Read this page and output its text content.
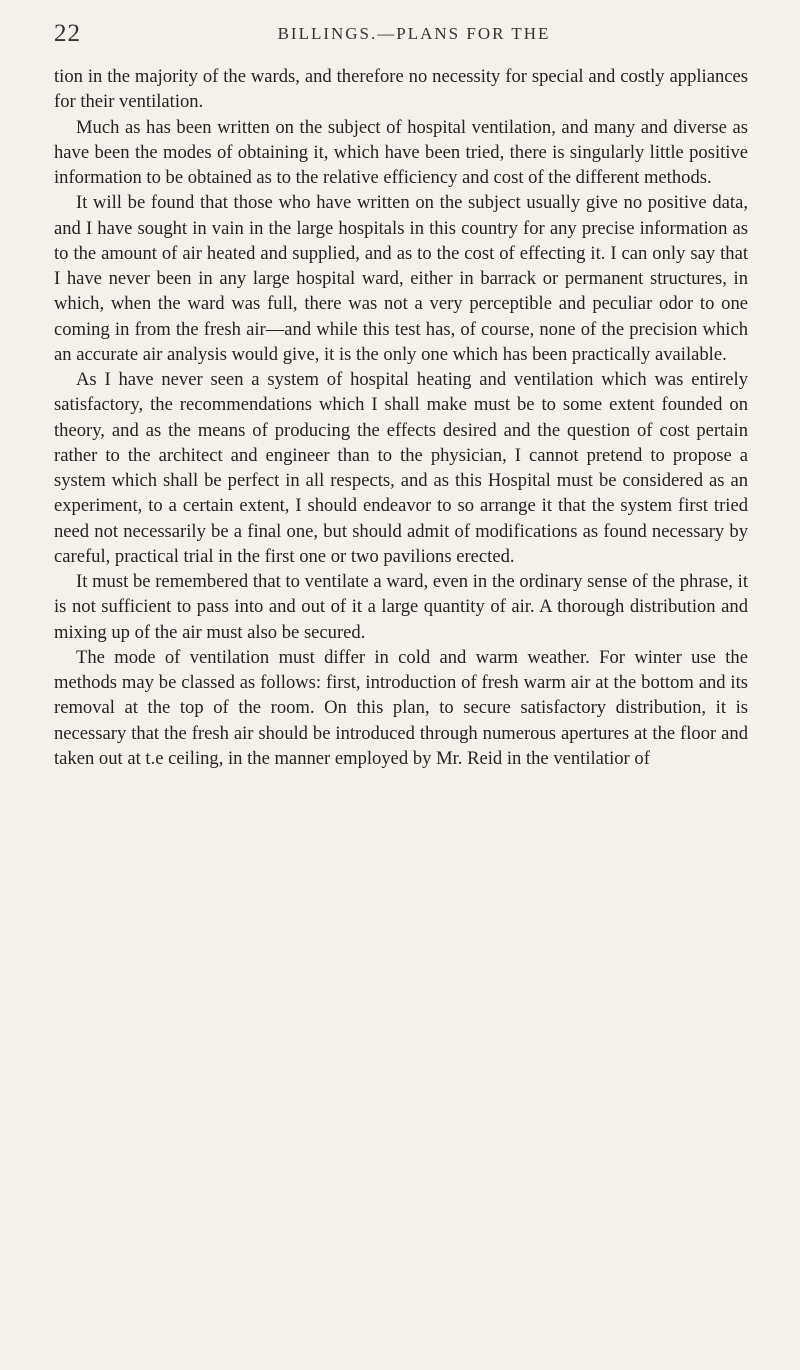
22	BILLINGS.—PLANS FOR THE

tion in the majority of the wards, and therefore no necessity for special and costly appliances for their ventilation.

Much as has been written on the subject of hospital ventilation, and many and diverse as have been the modes of obtaining it, which have been tried, there is singularly little positive information to be obtained as to the relative efficiency and cost of the different methods.

It will be found that those who have written on the subject usually give no positive data, and I have sought in vain in the large hospitals in this country for any precise information as to the amount of air heated and supplied, and as to the cost of effecting it. I can only say that I have never been in any large hospital ward, either in barrack or permanent structures, in which, when the ward was full, there was not a very perceptible and peculiar odor to one coming in from the fresh air—and while this test has, of course, none of the precision which an accurate air analysis would give, it is the only one which has been practically available.

As I have never seen a system of hospital heating and ventilation which was entirely satisfactory, the recommendations which I shall make must be to some extent founded on theory, and as the means of producing the effects desired and the question of cost pertain rather to the architect and engineer than to the physician, I cannot pretend to propose a system which shall be perfect in all respects, and as this Hospital must be considered as an experiment, to a certain extent, I should endeavor to so arrange it that the system first tried need not necessarily be a final one, but should admit of modifications as found necessary by careful, practical trial in the first one or two pavilions erected.

It must be remembered that to ventilate a ward, even in the ordinary sense of the phrase, it is not sufficient to pass into and out of it a large quantity of air. A thorough distribution and mixing up of the air must also be secured.

The mode of ventilation must differ in cold and warm weather. For winter use the methods may be classed as follows: first, introduction of fresh warm air at the bottom and its removal at the top of the room. On this plan, to secure satisfactory distribution, it is necessary that the fresh air should be introduced through numerous apertures at the floor and taken out at t.e ceiling, in the manner employed by Mr. Reid in the ventilatior of
